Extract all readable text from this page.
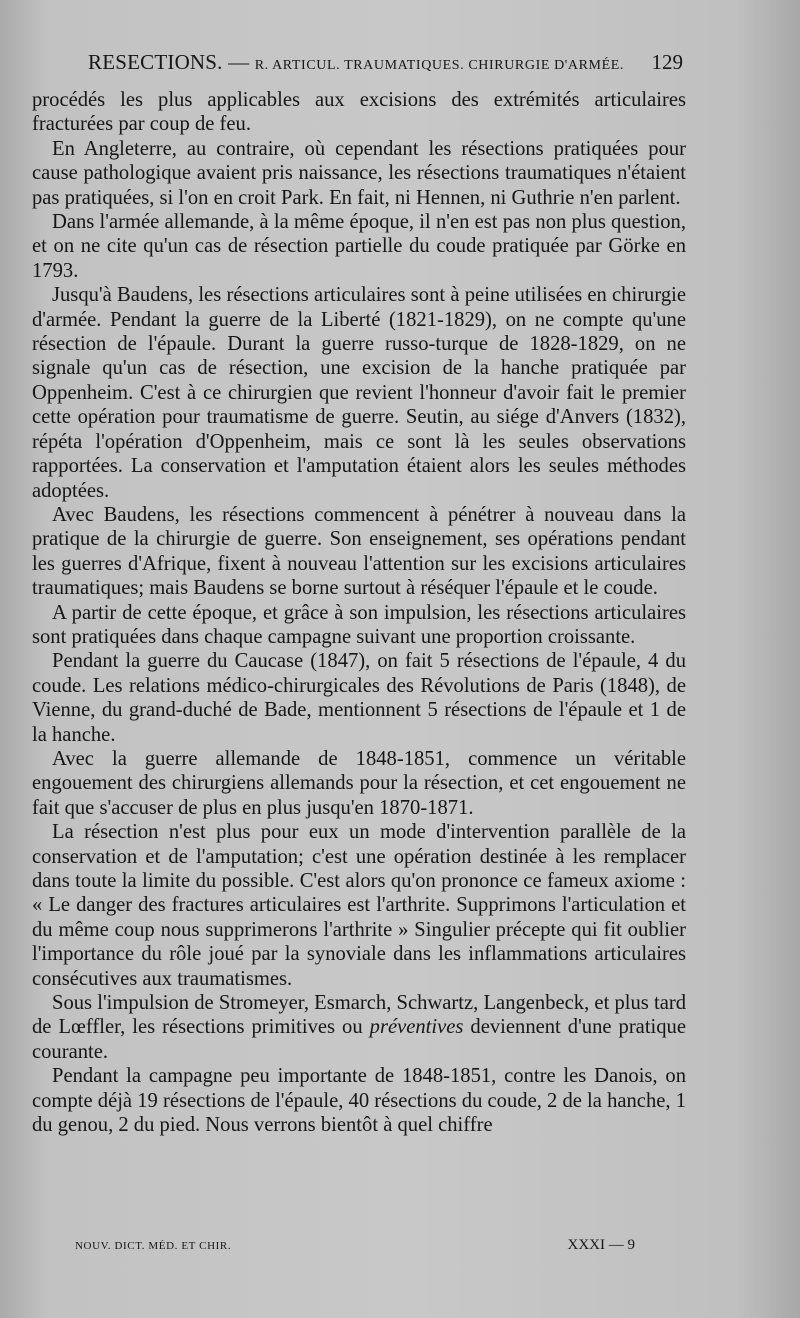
RESECTIONS. — R. ARTICUL. TRAUMATIQUES. CHIRURGIE D'ARMÉE. 129

procédés les plus applicables aux excisions des extrémités articulaires fracturées par coup de feu.

En Angleterre, au contraire, où cependant les résections pratiquées pour cause pathologique avaient pris naissance, les résections traumatiques n'étaient pas pratiquées, si l'on en croit Park. En fait, ni Hennen, ni Guthrie n'en parlent.

Dans l'armée allemande, à la même époque, il n'en est pas non plus question, et on ne cite qu'un cas de résection partielle du coude pratiquée par Görke en 1793.

Jusqu'à Baudens, les résections articulaires sont à peine utilisées en chirurgie d'armée. Pendant la guerre de la Liberté (1821-1829), on ne compte qu'une résection de l'épaule. Durant la guerre russo-turque de 1828-1829, on ne signale qu'un cas de résection, une excision de la hanche pratiquée par Oppenheim. C'est à ce chirurgien que revient l'honneur d'avoir fait le premier cette opération pour traumatisme de guerre. Seutin, au siége d'Anvers (1832), répéta l'opération d'Oppenheim, mais ce sont là les seules observations rapportées. La conservation et l'amputation étaient alors les seules méthodes adoptées.

Avec Baudens, les résections commencent à pénétrer à nouveau dans la pratique de la chirurgie de guerre. Son enseignement, ses opérations pendant les guerres d'Afrique, fixent à nouveau l'attention sur les excisions articulaires traumatiques; mais Baudens se borne surtout à réséquer l'épaule et le coude.

A partir de cette époque, et grâce à son impulsion, les résections articulaires sont pratiquées dans chaque campagne suivant une proportion croissante.

Pendant la guerre du Caucase (1847), on fait 5 résections de l'épaule, 4 du coude. Les relations médico-chirurgicales des Révolutions de Paris (1848), de Vienne, du grand-duché de Bade, mentionnent 5 résections de l'épaule et 1 de la hanche.

Avec la guerre allemande de 1848-1851, commence un véritable engouement des chirurgiens allemands pour la résection, et cet engouement ne fait que s'accuser de plus en plus jusqu'en 1870-1871.

La résection n'est plus pour eux un mode d'intervention parallèle de la conservation et de l'amputation; c'est une opération destinée à les remplacer dans toute la limite du possible. C'est alors qu'on prononce ce fameux axiome : « Le danger des fractures articulaires est l'arthrite. Supprimons l'articulation et du même coup nous supprimerons l'arthrite » Singulier précepte qui fit oublier l'importance du rôle joué par la synoviale dans les inflammations articulaires consécutives aux traumatismes.

Sous l'impulsion de Stromeyer, Esmarch, Schwartz, Langenbeck, et plus tard de Lœffler, les résections primitives ou préventives deviennent d'une pratique courante.

Pendant la campagne peu importante de 1848-1851, contre les Danois, on compte déjà 19 résections de l'épaule, 40 résections du coude, 2 de la hanche, 1 du genou, 2 du pied. Nous verrons bientôt à quel chiffre

NOUV. DICT. MÉD. ET CHIR.	XXXI — 9
